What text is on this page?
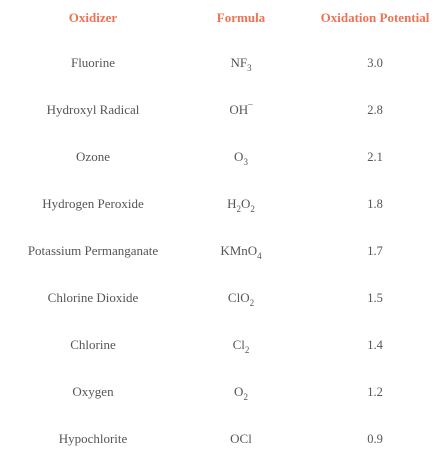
Oxidizer	Formula	Oxidation Potential
Fluorine	$NF_3$	3.0
Hydroxyl Radical	OH–	2.8
Ozone	$O_3$	2.1
Hydrogen Peroxide	$H_2O_2$	1.8
Potassium Permanganate	KMnO$_4$	1.7
Chlorine Dioxide	ClO$_2$	1.5
Chlorine	$Cl_2$	1.4
Oxygen	$O_2$	1.2
Hypochlorite	OCl	0.9
